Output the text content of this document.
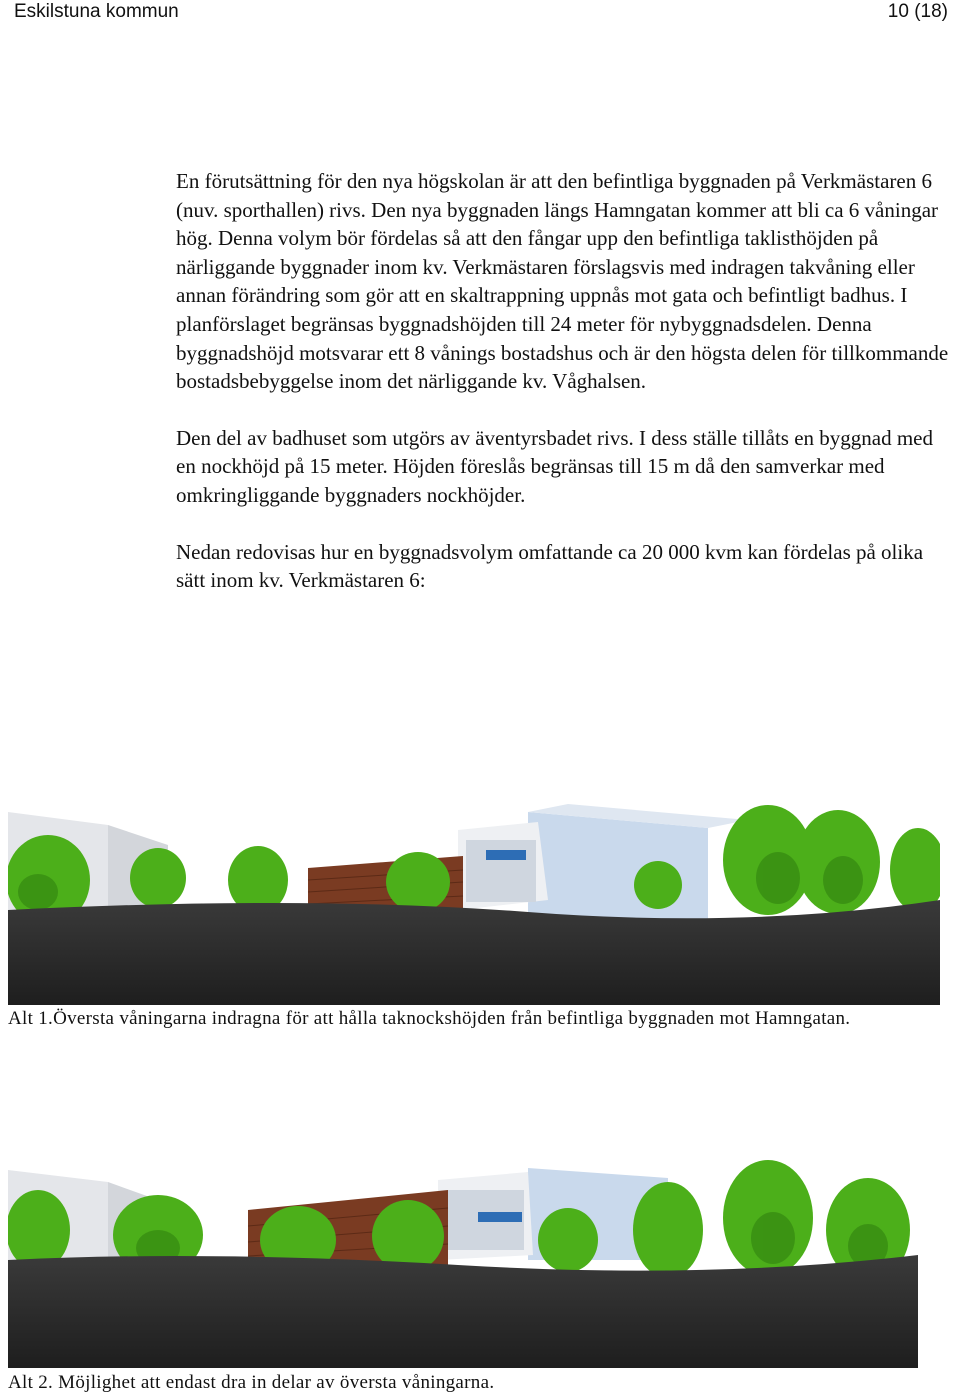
Eskilstuna kommun	10 (18)

En förutsättning för den nya högskolan är att den befintliga byggnaden på Verkmästaren 6 (nuv. sporthallen) rivs. Den nya byggnaden längs Hamngatan kommer att bli ca 6 våningar hög. Denna volym bör fördelas så att den fångar upp den befintliga taklisthöjden på närliggande byggnader inom kv. Verkmästaren förslagsvis med indragen takvåning eller annan förändring som gör att en skaltrappning uppnås mot gata och befintligt badhus. I planförslaget begränsas byggnadshöjden till 24 meter för nybyggnadsdelen. Denna byggnadshöjd motsvarar ett 8 vånings bostadshus och är den högsta delen för tillkommande bostadsbebyggelse inom det närliggande kv. Våghalsen.

Den del av badhuset som utgörs av äventyrsbadet rivs. I dess ställe tillåts en byggnad med en nockhöjd på 15 meter. Höjden föreslås begränsas till 15 m då den samverkar med omkringliggande byggnaders nockhöjder.

Nedan redovisas hur en byggnadsvolym omfattande ca 20 000 kvm kan fördelas på olika sätt inom kv. Verkmästaren 6:

Alt 1.Översta våningarna indragna för att hålla taknockshöjden från befintliga byggnaden mot Hamngatan.
Alt 2. Möjlighet att endast dra in delar av översta våningarna.
